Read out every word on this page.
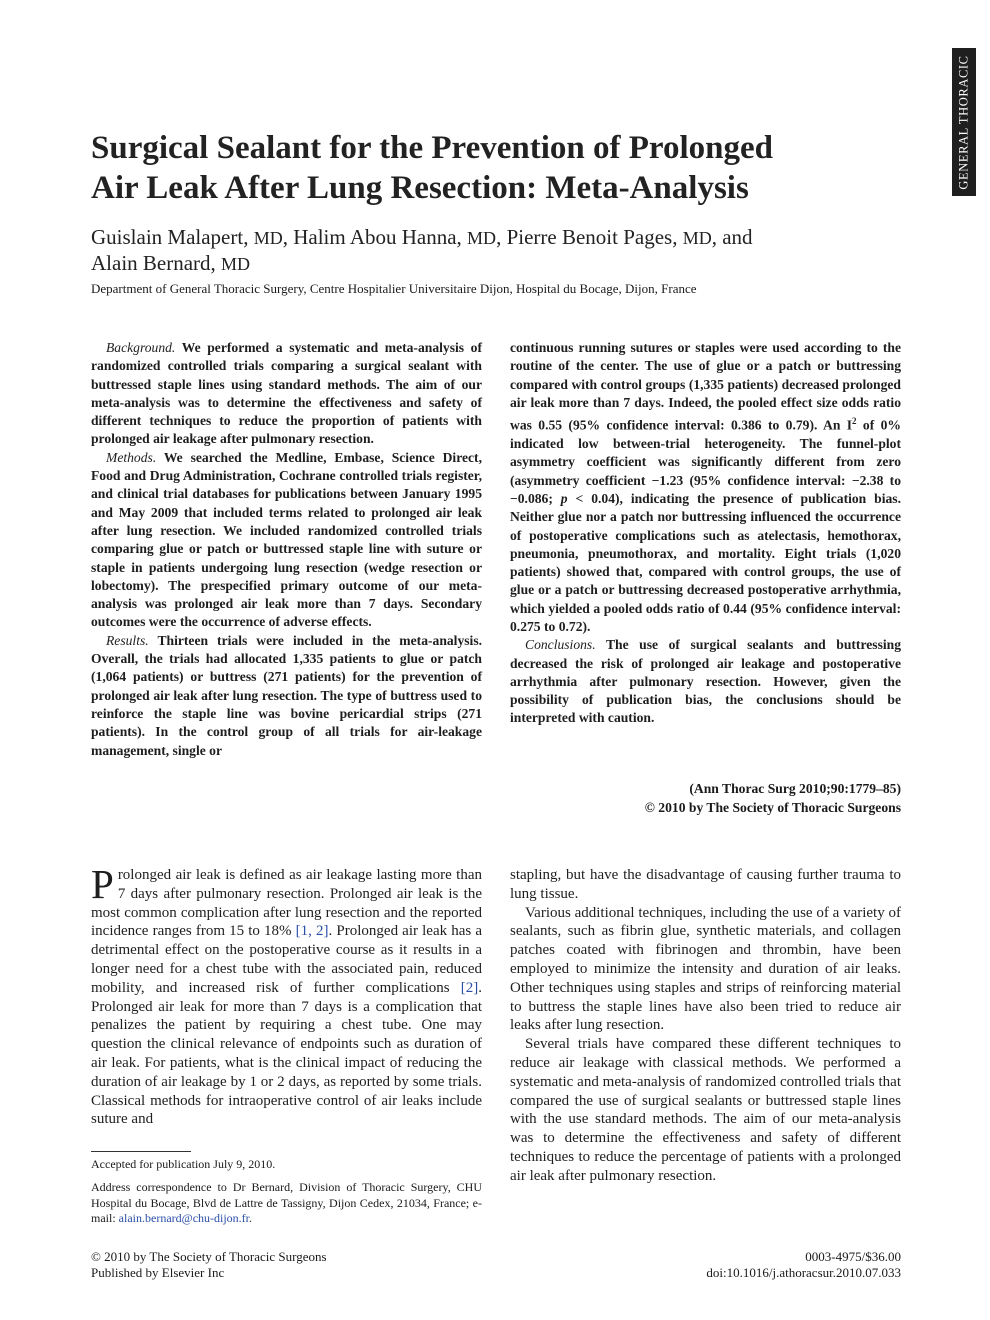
GENERAL THORACIC
Surgical Sealant for the Prevention of Prolonged
Air Leak After Lung Resection: Meta-Analysis
Guislain Malapert, MD, Halim Abou Hanna, MD, Pierre Benoit Pages, MD, and
Alain Bernard, MD
Department of General Thoracic Surgery, Centre Hospitalier Universitaire Dijon, Hospital du Bocage, Dijon, France

Background. We performed a systematic and meta-analysis of randomized controlled trials comparing a surgical sealant with buttressed staple lines using standard methods. The aim of our meta-analysis was to determine the effectiveness and safety of different techniques to reduce the proportion of patients with prolonged air leakage after pulmonary resection.

Methods. We searched the Medline, Embase, Science Direct, Food and Drug Administration, Cochrane controlled trials register, and clinical trial databases for publications between January 1995 and May 2009 that included terms related to prolonged air leak after lung resection. We included randomized controlled trials comparing glue or patch or buttressed staple line with suture or staple in patients undergoing lung resection (wedge resection or lobectomy). The prespecified primary outcome of our meta-analysis was prolonged air leak more than 7 days. Secondary outcomes were the occurrence of adverse effects.

Results. Thirteen trials were included in the meta-analysis. Overall, the trials had allocated 1,335 patients to glue or patch (1,064 patients) or buttress (271 patients) for the prevention of prolonged air leak after lung resection. The type of buttress used to reinforce the staple line was bovine pericardial strips (271 patients). In the control group of all trials for air-leakage management, single or

continuous running sutures or staples were used according to the routine of the center. The use of glue or a patch or buttressing compared with control groups (1,335 patients) decreased prolonged air leak more than 7 days. Indeed, the pooled effect size odds ratio was 0.55 (95% confidence interval: 0.386 to 0.79). An $I^2$ of 0% indicated low between-trial heterogeneity. The funnel-plot asymmetry coefficient was significantly different from zero (asymmetry coefficient −1.23 (95% confidence interval: −2.38 to −0.086; p < 0.04), indicating the presence of publication bias. Neither glue nor a patch nor buttressing influenced the occurrence of postoperative complications such as atelectasis, hemothorax, pneumonia, pneumothorax, and mortality. Eight trials (1,020 patients) showed that, compared with control groups, the use of glue or a patch or buttressing decreased postoperative arrhythmia, which yielded a pooled odds ratio of 0.44 (95% confidence interval: 0.275 to 0.72).

Conclusions. The use of surgical sealants and buttressing decreased the risk of prolonged air leakage and postoperative arrhythmia after pulmonary resection. However, given the possibility of publication bias, the conclusions should be interpreted with caution.

(Ann Thorac Surg 2010;90:1779–85)
© 2010 by The Society of Thoracic Surgeons

Prolonged air leak is defined as air leakage lasting more than 7 days after pulmonary resection. Prolonged air leak is the most common complication after lung resection and the reported incidence ranges from 15 to 18% [1, 2]. Prolonged air leak has a detrimental effect on the postoperative course as it results in a longer need for a chest tube with the associated pain, reduced mobility, and increased risk of further complications [2]. Prolonged air leak for more than 7 days is a complication that penalizes the patient by requiring a chest tube. One may question the clinical relevance of endpoints such as duration of air leak. For patients, what is the clinical impact of reducing the duration of air leakage by 1 or 2 days, as reported by some trials. Classical methods for intraoperative control of air leaks include suture and

stapling, but have the disadvantage of causing further trauma to lung tissue.

Various additional techniques, including the use of a variety of sealants, such as fibrin glue, synthetic materials, and collagen patches coated with fibrinogen and thrombin, have been employed to minimize the intensity and duration of air leaks. Other techniques using staples and strips of reinforcing material to buttress the staple lines have also been tried to reduce air leaks after lung resection.

Several trials have compared these different techniques to reduce air leakage with classical methods. We performed a systematic and meta-analysis of randomized controlled trials that compared the use of surgical sealants or buttressed staple lines with the use standard methods. The aim of our meta-analysis was to determine the effectiveness and safety of different techniques to reduce the percentage of patients with a prolonged air leak after pulmonary resection.

Accepted for publication July 9, 2010.
Address correspondence to Dr Bernard, Division of Thoracic Surgery, CHU Hospital du Bocage, Blvd de Lattre de Tassigny, Dijon Cedex, 21034, France; e-mail: alain.bernard@chu-dijon.fr.
© 2010 by The Society of Thoracic Surgeons
Published by Elsevier Inc
0003-4975/$36.00
doi:10.1016/j.athoracsur.2010.07.033
